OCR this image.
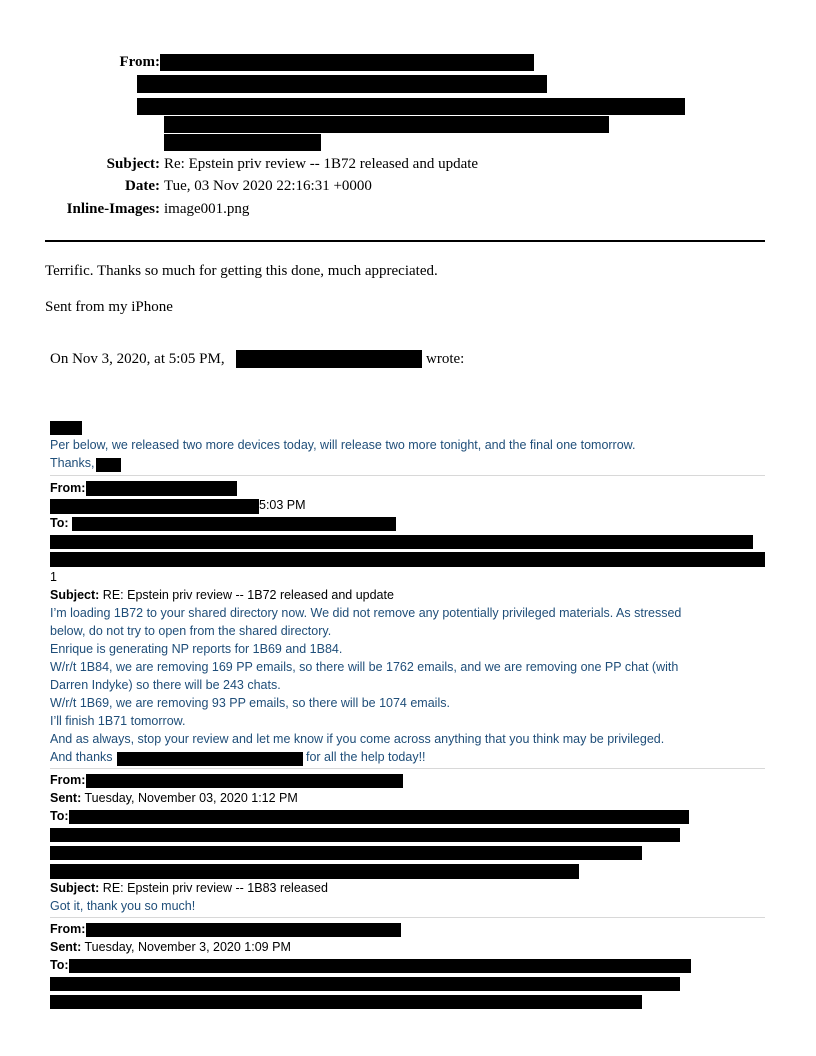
From:
Subject: Re: Epstein priv review -- 1B72 released and update
Date: Tue, 03 Nov 2020 22:16:31 +0000
Inline-Images: image001.png
Terrific. Thanks so much for getting this done, much appreciated.
Sent from my iPhone
On Nov 3, 2020, at 5:05 PM,	wrote:
Per below, we released two more devices today, will release two more tonight, and the final one tomorrow.
Thanks,
From:
5:03 PM
To:
1
Subject: RE: Epstein priv review -- 1B72 released and update
I’m loading 1B72 to your shared directory now. We did not remove any potentially privileged materials. As stressed
below, do not try to open from the shared directory.
Enrique is generating NP reports for 1B69 and 1B84.
W/r/t 1B84, we are removing 169 PP emails, so there will be 1762 emails, and we are removing one PP chat (with
Darren Indyke) so there will be 243 chats.
W/r/t 1B69, we are removing 93 PP emails, so there will be 1074 emails.
I’ll finish 1B71 tomorrow.
And as always, stop your review and let me know if you come across anything that you think may be privileged.
And thanks	for all the help today!!
From:
Sent: Tuesday, November 03, 2020 1:12 PM
To:
Subject: RE: Epstein priv review -- 1B83 released
Got it, thank you so much!
From:
Sent: Tuesday, November 3, 2020 1:09 PM
To:
